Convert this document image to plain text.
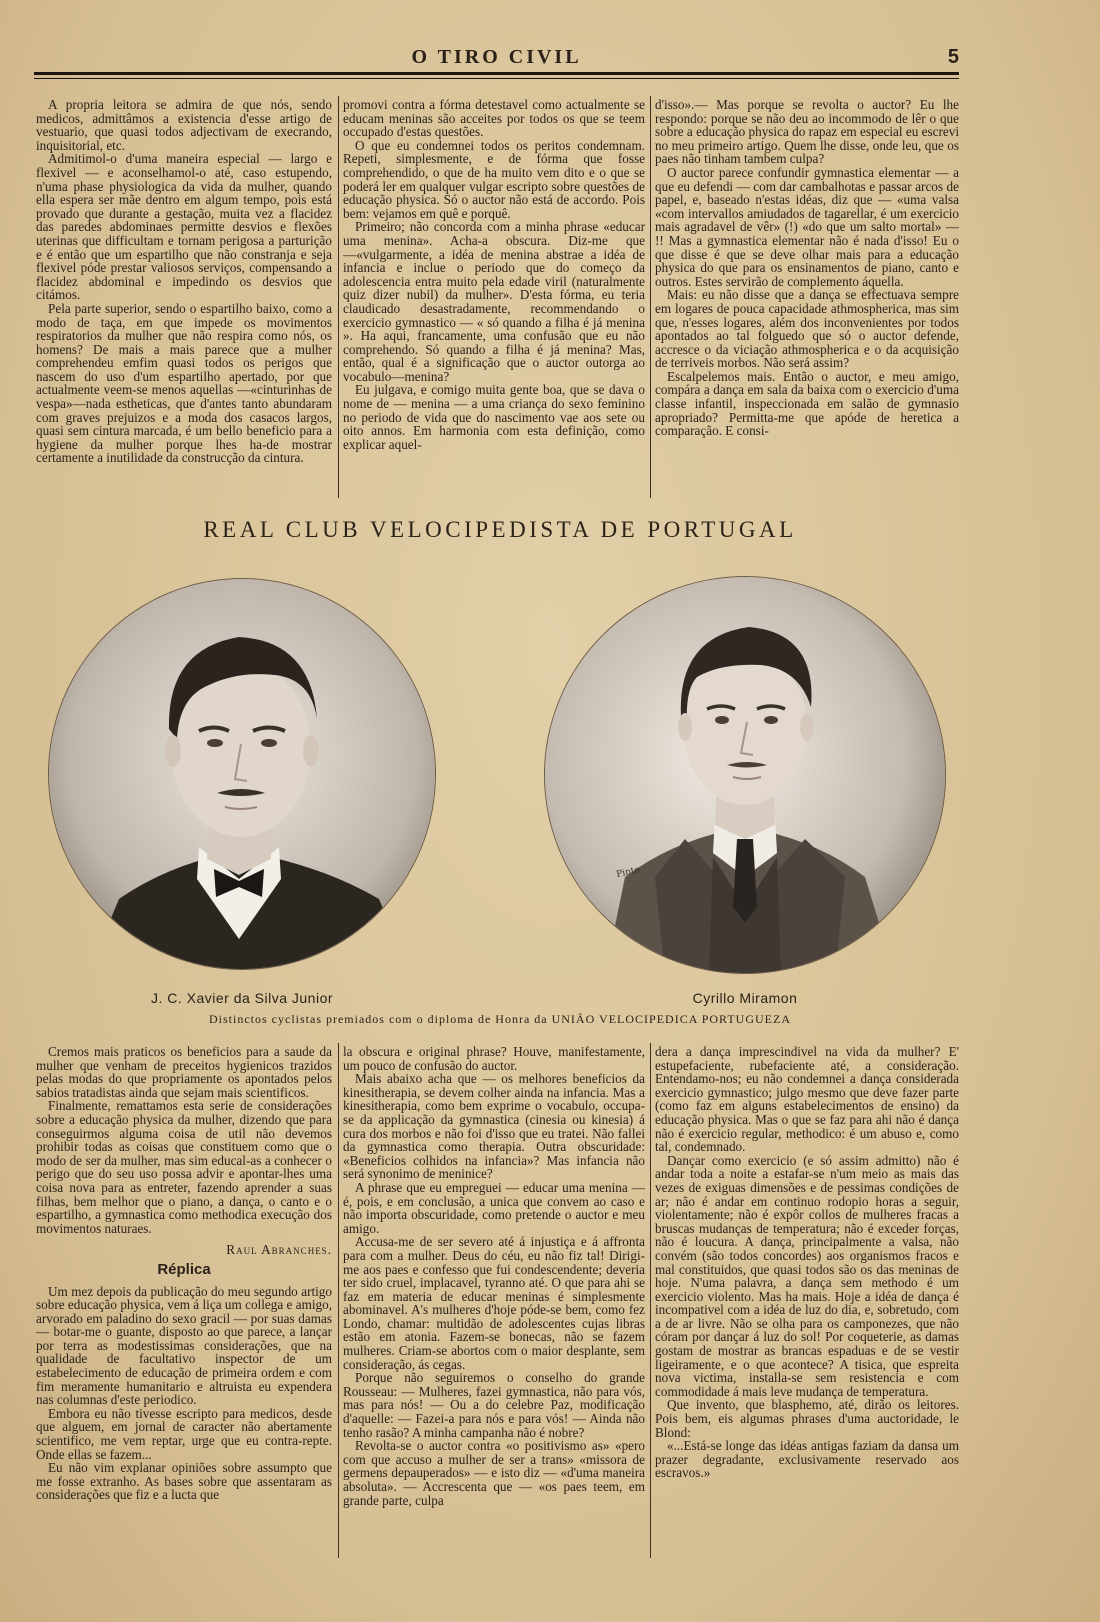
O TIRO CIVIL	5

A propria leitora se admira de que nós, sendo medicos, admittâmos a existencia d'esse artigo de vestuario, que quasi todos adjectivam de execrando, inquisitorial, etc.

Admitimol-o d'uma maneira especial — largo e flexivel — e aconselhamol-o até, caso estupendo, n'uma phase physiologica da vida da mulher, quando ella espera ser mãe dentro em algum tempo, pois está provado que durante a gestação, muita vez a flacidez das paredes abdominaes permitte desvios e flexões uterinas que difficultam e tornam perigosa a parturição e é então que um espartilho que não constranja e seja flexivel póde prestar valiosos serviços, compensando a flacidez abdominal e impedindo os desvios que citámos.

Pela parte superior, sendo o espartilho baixo, como a modo de taça, em que impede os movimentos respiratorios da mulher que não respira como nós, os homens? De mais a mais parece que a mulher comprehendeu emfim quasi todos os perigos que nascem do uso d'um espartilho apertado, por que actualmente veem-se menos aquellas —«cinturinhas de vespa»—nada estheticas, que d'antes tanto abundaram com graves prejuizos e a moda dos casacos largos, quasi sem cintura marcada, é um bello beneficio para a hygiene da mulher porque lhes ha-de mostrar certamente a inutilidade da construcção da cintura.

promovi contra a fórma detestavel como actualmente se educam meninas são acceites por todos os que se teem occupado d'estas questões.

O que eu condemnei todos os peritos condemnam. Repeti, simplesmente, e de fórma que fosse comprehendido, o que de ha muito vem dito e o que se poderá ler em qualquer vulgar escripto sobre questões de educação physica. Só o auctor não está de accordo. Pois bem: vejamos em quê e porquê.

Primeiro; não concorda com a minha phrase «educar uma menina». Acha-a obscura. Diz-me que—«vulgarmente, a idéa de menina abstrae a idéa de infancia e inclue o periodo que do começo da adolescencia entra muito pela edade viril (naturalmente quiz dizer nubil) da mulher». D'esta fórma, eu teria claudicado desastradamente, recommendando o exercicio gymnastico — « só quando a filha é já menina ». Ha aqui, francamente, uma confusão que eu não comprehendo. Só quando a filha é já menina? Mas, então, qual é a significação que o auctor outorga ao vocabulo—menina?

Eu julgava, e comigo muita gente boa, que se dava o nome de — menina — a uma criança do sexo feminino no periodo de vida que do nascimento vae aos sete ou oito annos. Em harmonia com esta definição, como explicar aquel-

d'isso».— Mas porque se revolta o auctor? Eu lhe respondo: porque se não deu ao incommodo de lêr o que sobre a educação physica do rapaz em especial eu escrevi no meu primeiro artigo. Quem lhe disse, onde leu, que os paes não tinham tambem culpa?

O auctor parece confundir gymnastica elementar — a que eu defendi — com dar cambalhotas e passar arcos de papel, e, baseado n'estas idéas, diz que — «uma valsa «com intervallos amiudados de tagarellar, é um exercicio mais agradavel de vêr» (!) «do que um salto mortal» — !! Mas a gymnastica elementar não é nada d'isso! Eu o que disse é que se deve olhar mais para a educação physica do que para os ensinamentos de piano, canto e outros. Estes servirão de complemento áquella.

Mais: eu não disse que a dança se effectuava sempre em logares de pouca capacidade athmospherica, mas sim que, n'esses logares, além dos inconvenientes por todos apontados ao tal folguedo que só o auctor defende, accresce o da viciação athmospherica e o da acquisição de terriveis morbos. Não será assim?

Escalpelemos mais. Então o auctor, e meu amigo, compára a dança em sala da baixa com o exercicio d'uma classe infantil, inspeccionada em salão de gymnasio apropriado? Permitta-me que apóde de heretica a comparação. E consi-

REAL CLUB VELOCIPEDISTA DE PORTUGAL
Pinto
J. C. Xavier da Silva Junior	Cyrillo Miramon
Distinctos cyclistas premiados com o diploma de Honra da UNIÃO VELOCIPEDICA PORTUGUEZA

Cremos mais praticos os beneficios para a saude da mulher que venham de preceitos hygienicos trazidos pelas modas do que propriamente os apontados pelos sabios tratadistas ainda que sejam mais scientificos.

Finalmente, remattamos esta serie de considerações sobre a educação physica da mulher, dizendo que para conseguirmos alguma coisa de util não devemos prohibir todas as coisas que constituem como que o modo de ser da mulher, mas sim educal-as a conhecer o perigo que do seu uso possa advir e apontar-lhes uma coisa nova para as entreter, fazendo aprender a suas filhas, bem melhor que o piano, a dança, o canto e o espartilho, a gymnastica como methodica execução dos movimentos naturaes.

Raul Abranches.
Réplica

Um mez depois da publicação do meu segundo artigo sobre educação physica, vem á liça um collega e amigo, arvorado em paladino do sexo gracil — por suas damas — botar-me o guante, disposto ao que parece, a lançar por terra as modestissimas considerações, que na qualidade de facultativo inspector de um estabelecimento de educação de primeira ordem e com fim meramente humanitario e altruista eu expendera nas columnas d'este periodico.

Embora eu não tivesse escripto para medicos, desde que alguem, em jornal de caracter não abertamente scientifico, me vem reptar, urge que eu contra-repte. Onde ellas se fazem...

Eu não vim explanar opiniões sobre assumpto que me fosse extranho. As bases sobre que assentaram as considerações que fiz e a lucta que

la obscura e original phrase? Houve, manifestamente, um pouco de confusão do auctor.

Mais abaixo acha que — os melhores beneficios da kinesitherapia, se devem colher ainda na infancia. Mas a kinesitherapia, como bem exprime o vocabulo, occupa-se da applicação da gymnastica (cinesia ou kinesia) á cura dos morbos e não foi d'isso que eu tratei. Não fallei da gymnastica como therapia. Outra obscuridade: «Beneficios colhidos na infancia»? Mas infancia não será synonimo de meninice?

A phrase que eu empreguei — educar uma menina — é, pois, e em conclusão, a unica que convem ao caso e não importa obscuridade, como pretende o auctor e meu amigo.

Accusa-me de ser severo até á injustiça e á affronta para com a mulher. Deus do céu, eu não fiz tal! Dirigi-me aos paes e confesso que fui condescendente; deveria ter sido cruel, implacavel, tyranno até. O que para ahi se faz em materia de educar meninas é simplesmente abominavel. A's mulheres d'hoje póde-se bem, como fez Londo, chamar: multidão de adolescentes cujas libras estão em atonia. Fazem-se bonecas, não se fazem mulheres. Criam-se abortos com o maior desplante, sem consideração, ás cegas.

Porque não seguiremos o conselho do grande Rousseau: — Mulheres, fazei gymnastica, não para vós, mas para nós! — Ou a do celebre Paz, modificação d'aquelle: — Fazei-a para nós e para vós! — Ainda não tenho rasão? A minha campanha não é nobre?

Revolta-se o auctor contra «o positivismo as» «pero com que accuso a mulher de ser a trans» «missora de germens depauperados» — e isto diz — «d'uma maneira absoluta». — Accrescenta que — «os paes teem, em grande parte, culpa

dera a dança imprescindivel na vida da mulher? E' estupefaciente, rubefaciente até, a consideração. Entendamo-nos; eu não condemnei a dança considerada exercicio gymnastico; julgo mesmo que deve fazer parte (como faz em alguns estabelecimentos de ensino) da educação physica. Mas o que se faz para ahi não é dança não é exercicio regular, methodico: é um abuso e, como tal, condemnado.

Dançar como exercicio (e só assim admitto) não é andar toda a noite a estafar-se n'um meio as mais das vezes de exiguas dimensões e de pessimas condições de ar; não é andar em continuo rodopio horas a seguir, violentamente; não é expôr collos de mulheres fracas a bruscas mudanças de temperatura; não é exceder forças, não é loucura. A dança, principalmente a valsa, não convém (são todos concordes) aos organismos fracos e mal constituidos, que quasi todos são os das meninas de hoje. N'uma palavra, a dança sem methodo é um exercicio violento. Mas ha mais. Hoje a idéa de dança é incompativel com a idéa de luz do dia, e, sobretudo, com a de ar livre. Não se olha para os camponezes, que não córam por dançar á luz do sol! Por coqueterie, as damas gostam de mostrar as brancas espaduas e de se vestir ligeiramente, e o que acontece? A tisica, que espreita nova victima, installa-se sem resistencia e com commodidade á mais leve mudança de temperatura.

Que invento, que blasphemo, até, dirão os leitores. Pois bem, eis algumas phrases d'uma auctoridade, le Blond:

«...Está-se longe das idéas antigas faziam da dansa um prazer degradante, exclusivamente reservado aos escravos.»
